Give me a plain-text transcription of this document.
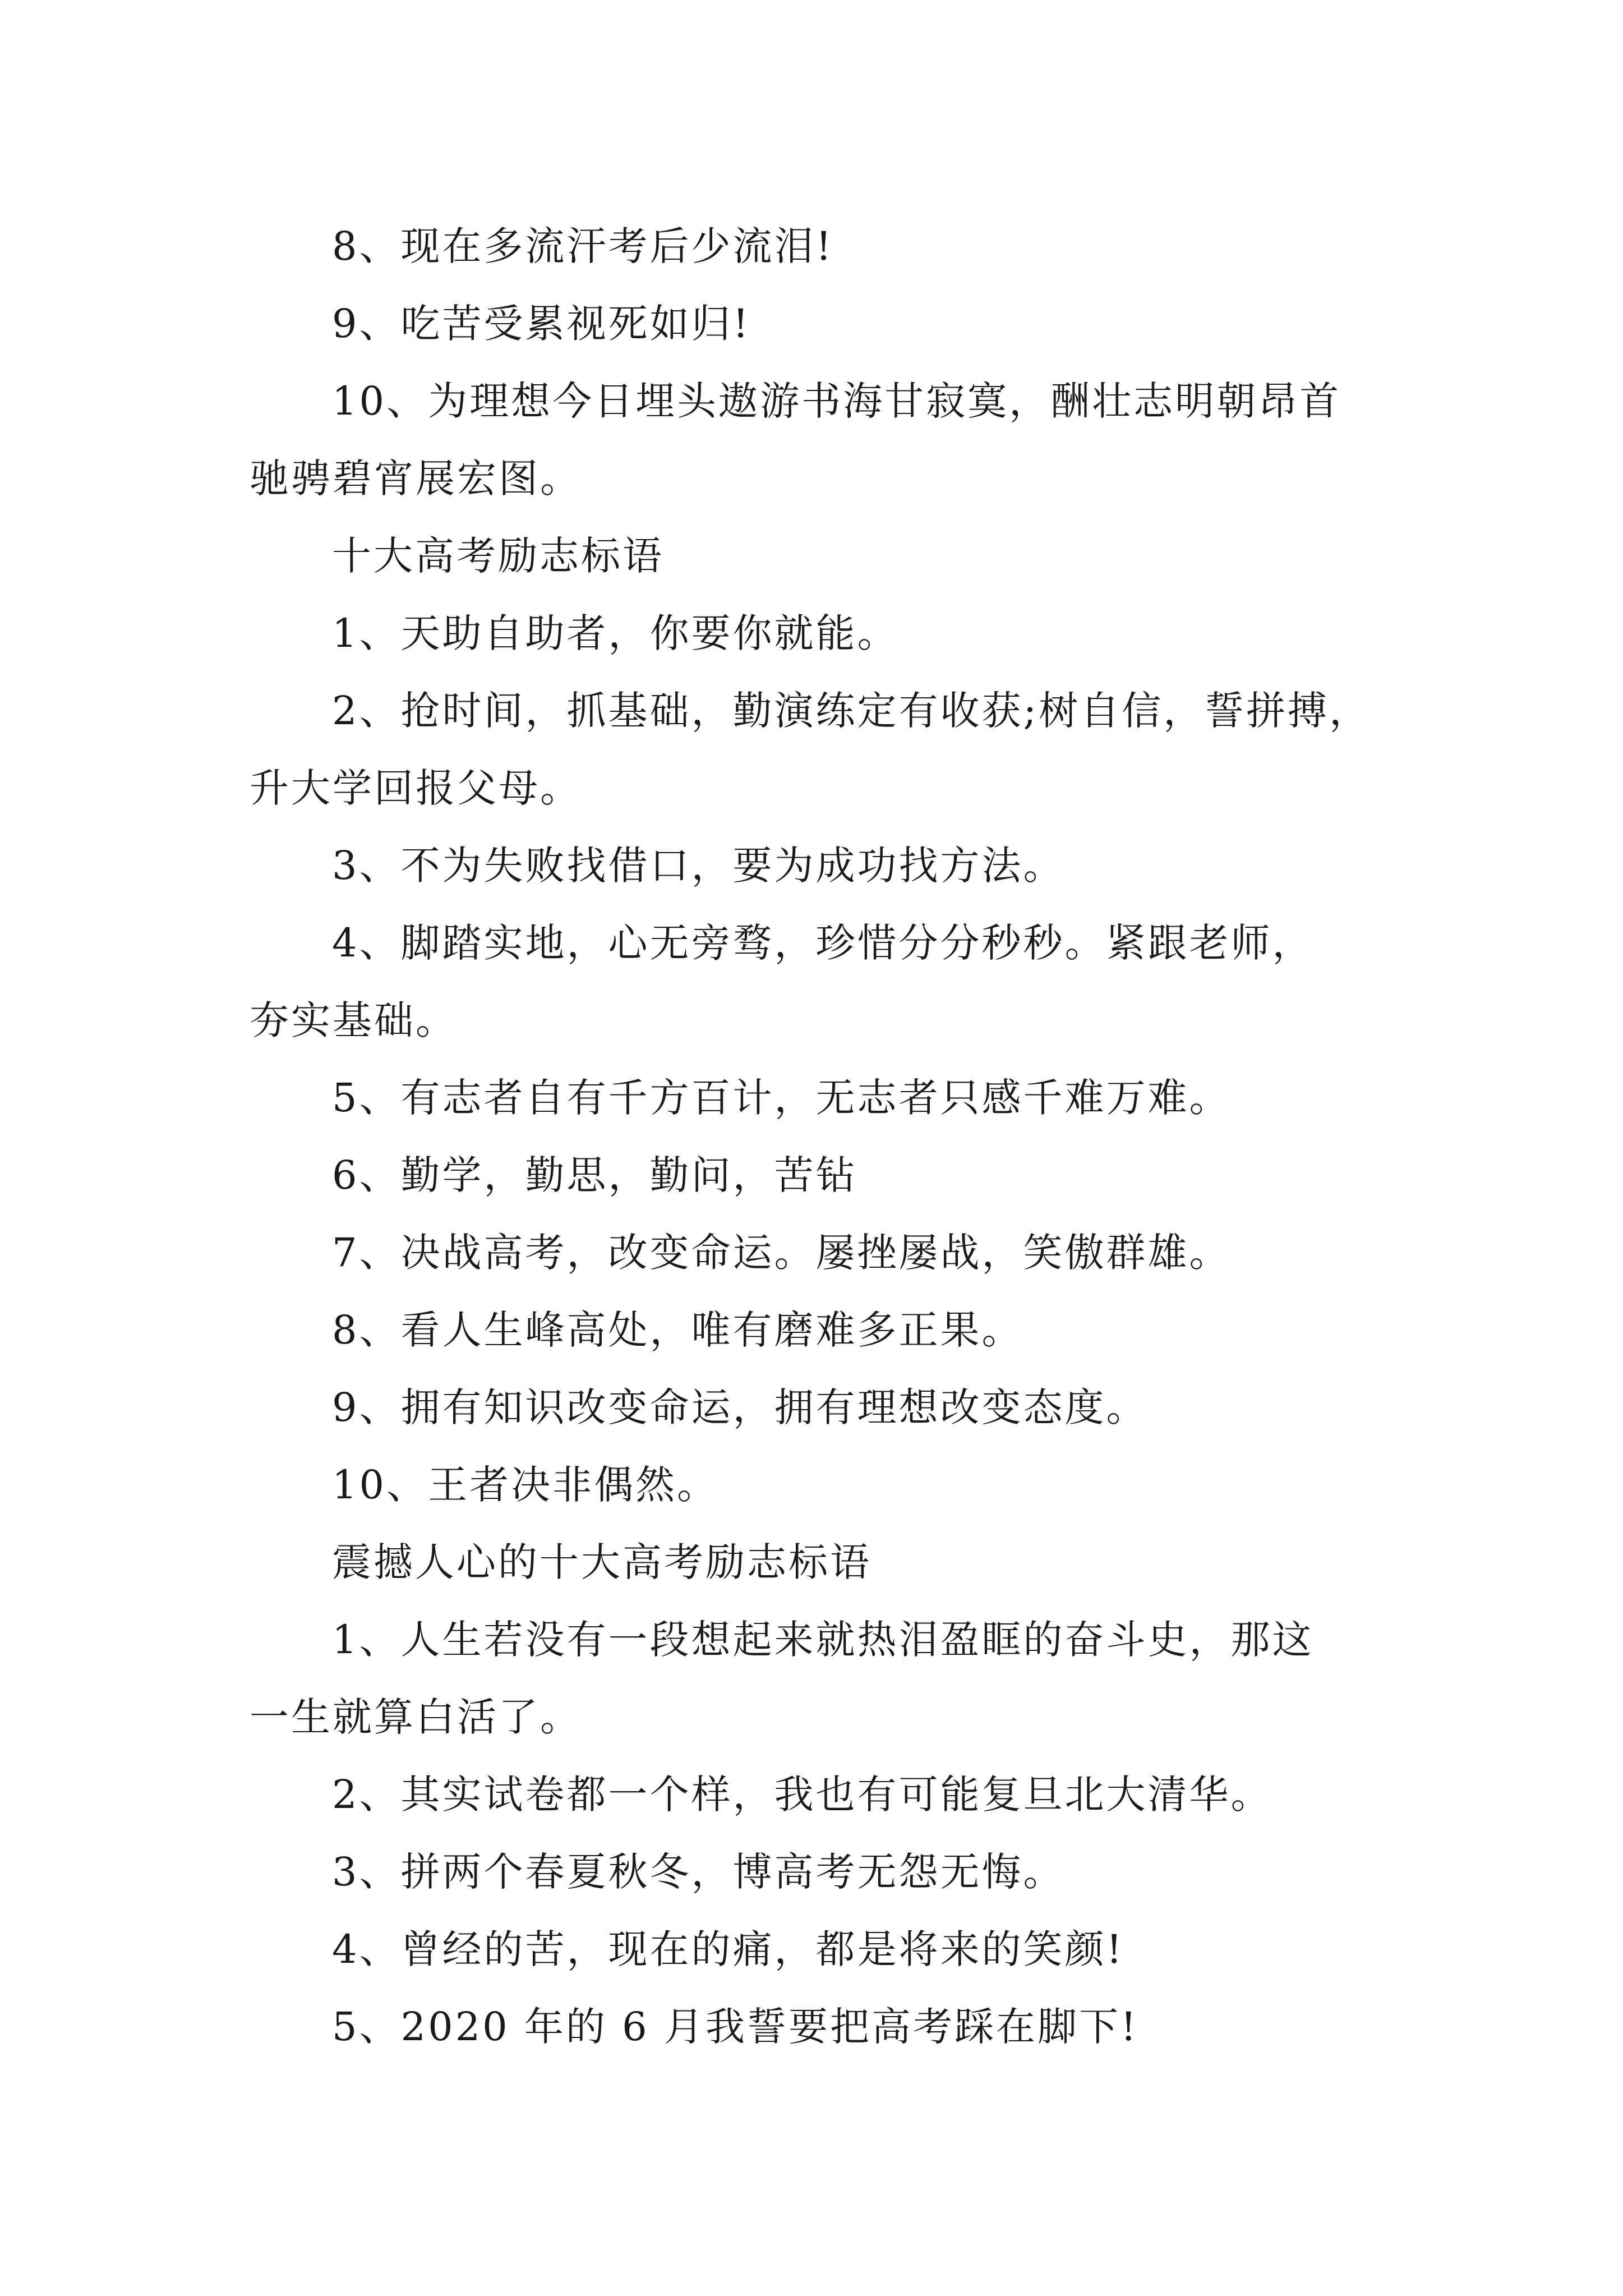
8、现在多流汗考后少流泪!
9、吃苦受累视死如归!
10、为理想今日埋头遨游书海甘寂寞，酬壮志明朝昂首
驰骋碧宵展宏图。
十大高考励志标语
1、天助自助者，你要你就能。
2、抢时间，抓基础，勤演练定有收获;树自信，誓拼搏，
升大学回报父母。
3、不为失败找借口，要为成功找方法。
4、脚踏实地，心无旁骛，珍惜分分秒秒。紧跟老师，
夯实基础。
5、有志者自有千方百计，无志者只感千难万难。
6、勤学，勤思，勤问，苦钻
7、决战高考，改变命运。屡挫屡战，笑傲群雄。
8、看人生峰高处，唯有磨难多正果。
9、拥有知识改变命运，拥有理想改变态度。
10、王者决非偶然。
震撼人心的十大高考励志标语
1、人生若没有一段想起来就热泪盈眶的奋斗史，那这
一生就算白活了。
2、其实试卷都一个样，我也有可能复旦北大清华。
3、拼两个春夏秋冬，博高考无怨无悔。
4、曾经的苦，现在的痛，都是将来的笑颜!
5、2020 年的 6 月我誓要把高考踩在脚下!
